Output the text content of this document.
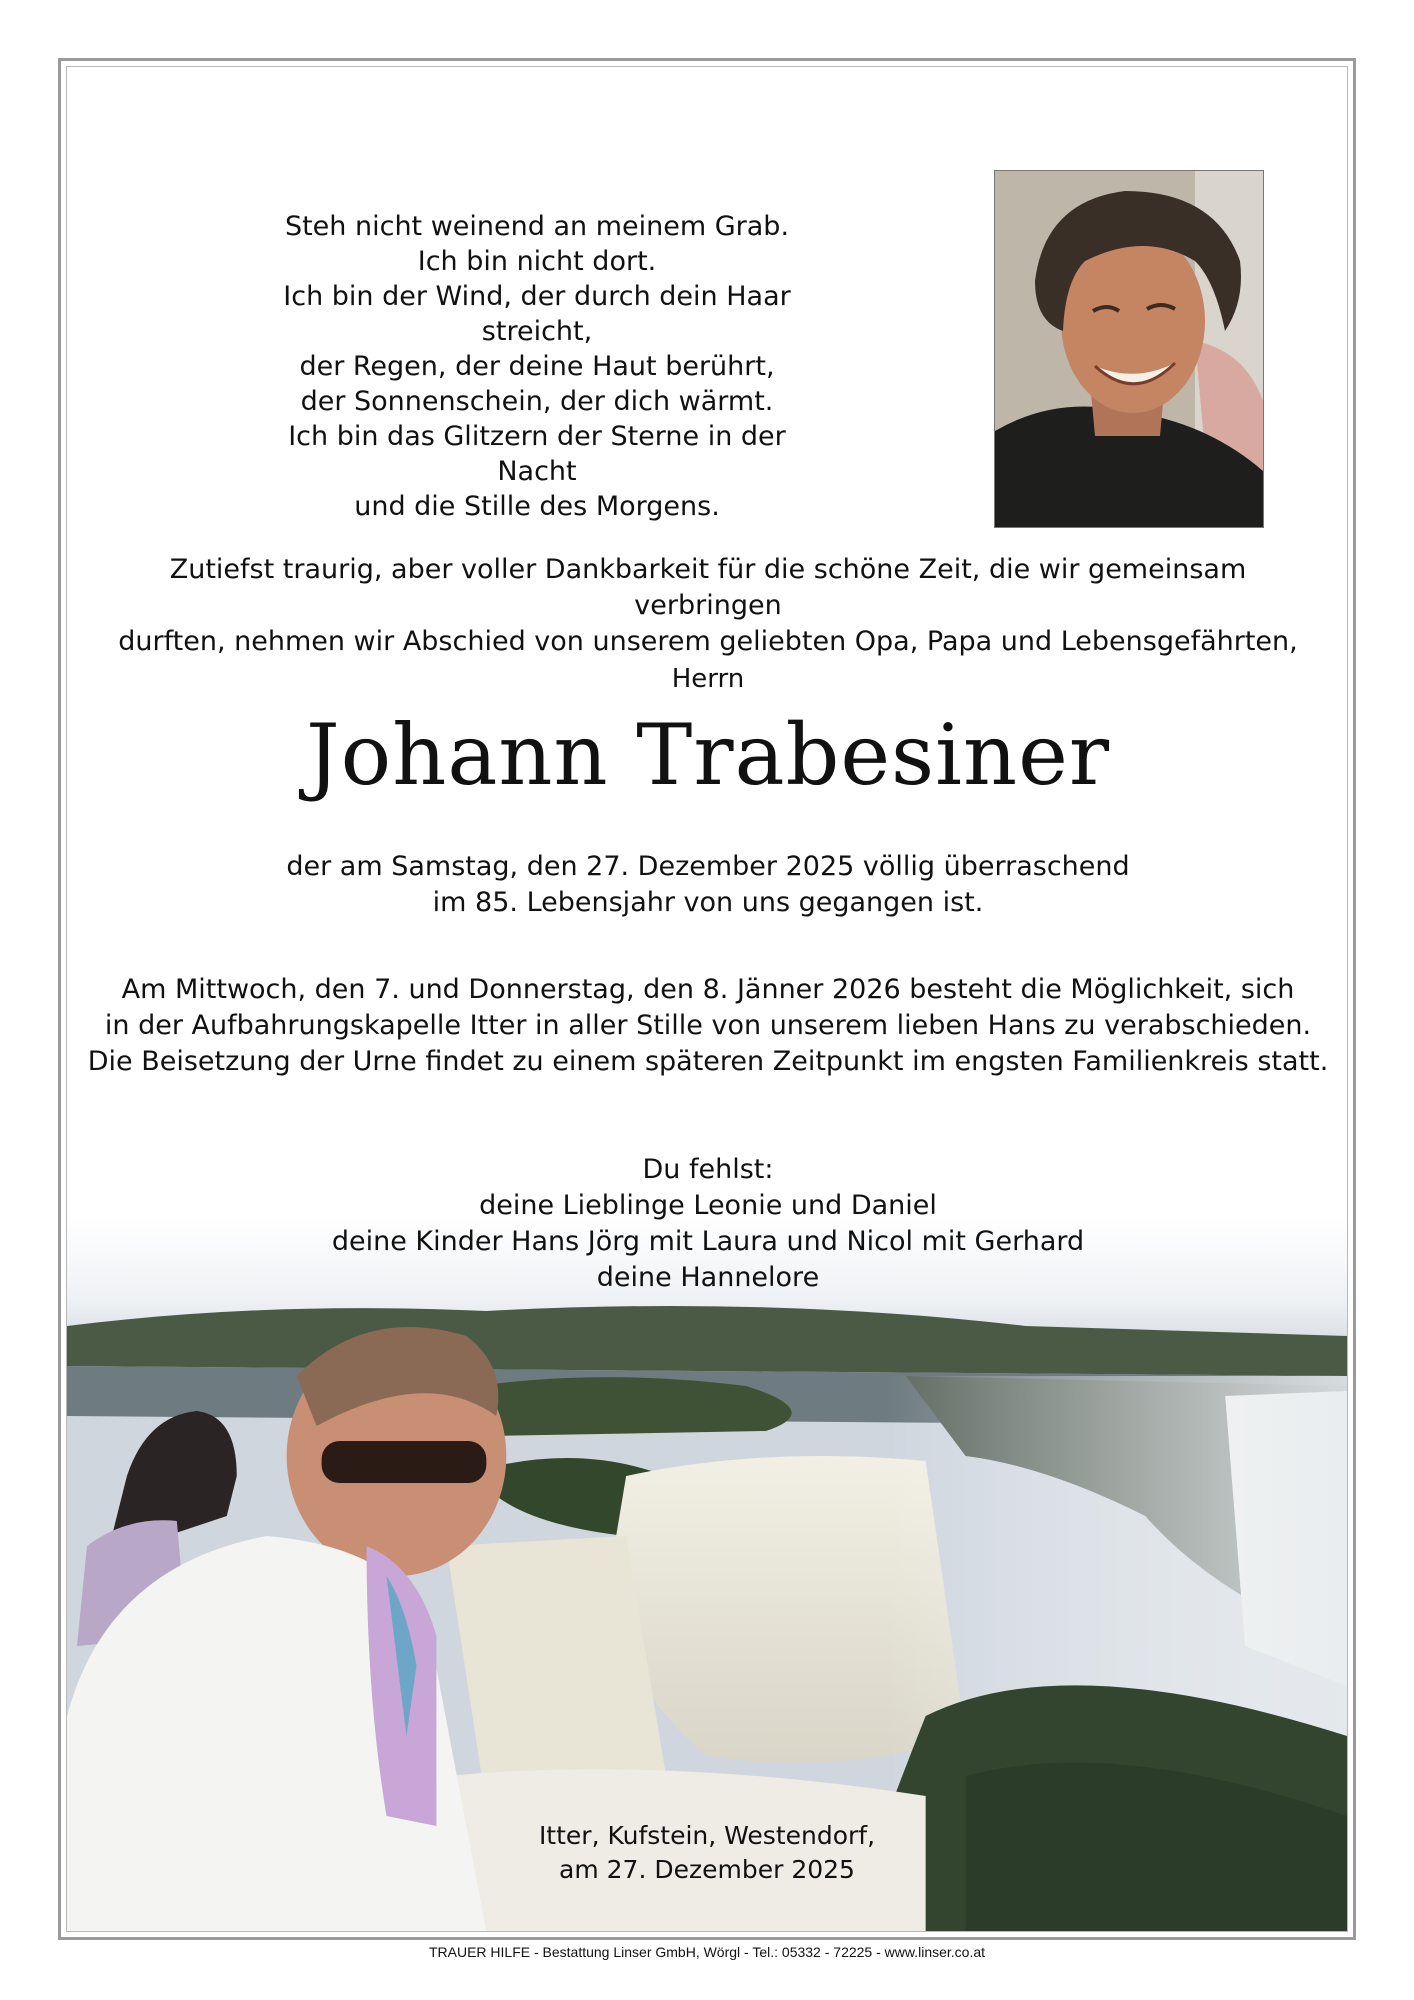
Steh nicht weinend an meinem Grab.
Ich bin nicht dort.
Ich bin der Wind, der durch dein Haar streicht,
der Regen, der deine Haut berührt,
der Sonnenschein, der dich wärmt.
Ich bin das Glitzern der Sterne in der Nacht
und die Stille des Morgens.
Zutiefst traurig, aber voller Dankbarkeit für die schöne Zeit, die wir gemeinsam verbringen
durften, nehmen wir Abschied von unserem geliebten Opa, Papa und Lebensgefährten,
Herrn
Johann Trabesiner
der am Samstag, den 27. Dezember 2025 völlig überraschend
im 85. Lebensjahr von uns gegangen ist.
Am Mittwoch, den 7. und Donnerstag, den 8. Jänner 2026 besteht die Möglichkeit, sich
in der Aufbahrungskapelle Itter in aller Stille von unserem lieben Hans zu verabschieden.
Die Beisetzung der Urne findet zu einem späteren Zeitpunkt im engsten Familienkreis statt.
Du fehlst:
deine Lieblinge Leonie und Daniel
deine Kinder Hans Jörg mit Laura und Nicol mit Gerhard
deine Hannelore
Itter, Kufstein, Westendorf,
am 27. Dezember 2025
TRAUER HILFE - Bestattung Linser GmbH, Wörgl - Tel.: 05332 - 72225 - www.linser.co.at
